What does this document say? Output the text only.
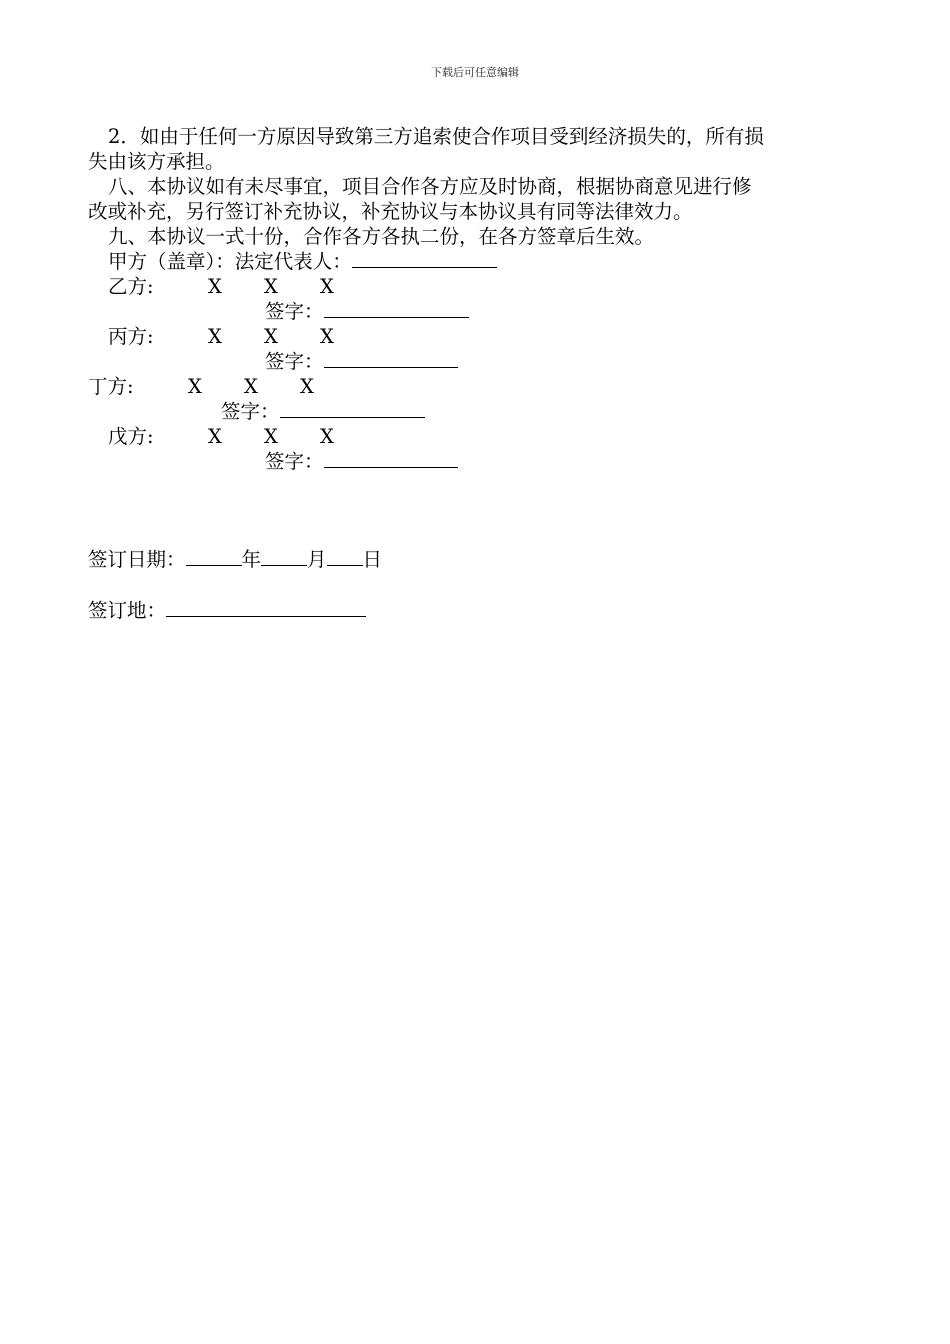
下载后可任意编辑
2．如由于任何一方原因导致第三方追索使合作项目受到经济损失的，所有损
失由该方承担。
八、本协议如有未尽事宜，项目合作各方应及时协商，根据协商意见进行修
改或补充，另行签订补充协议，补充协议与本协议具有同等法律效力。
九、本协议一式十份，合作各方各执二份，在各方签章后生效。
甲方（盖章）：法定代表人：
乙方:	X X X
签字：
丙方:	X X X
签字：
丁方:	X X X
签字：
戊方:	X X X
签字：
签订日期：	年 月 日
签订地：
